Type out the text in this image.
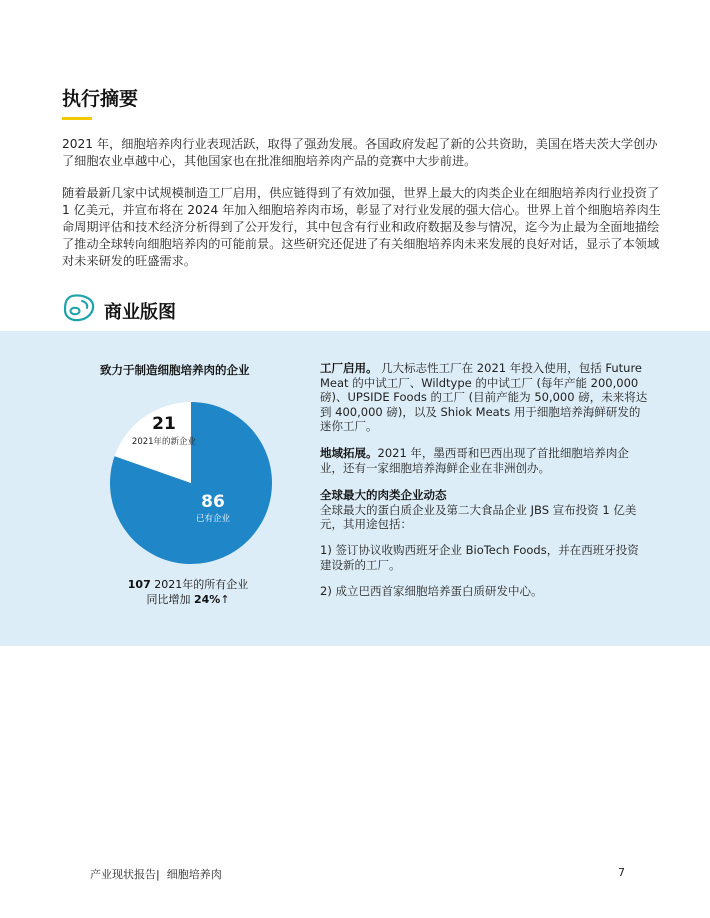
执行摘要

2021 年，细胞培养肉行业表现活跃，取得了强劲发展。各国政府发起了新的公共资助，美国在塔夫茨大学创办了细胞农业卓越中心，其他国家也在批准细胞培养肉产品的竞赛中大步前进。

随着最新几家中试规模制造工厂启用，供应链得到了有效加强，世界上最大的肉类企业在细胞培养肉行业投资了 1 亿美元，并宣布将在 2024 年加入细胞培养肉市场，彰显了对行业发展的强大信心。世界上首个细胞培养肉生命周期评估和技术经济分析得到了公开发行，其中包含有行业和政府数据及参与情况，迄今为止最为全面地描绘了推动全球转向细胞培养肉的可能前景。这些研究还促进了有关细胞培养肉未来发展的良好对话，显示了本领域对未来研发的旺盛需求。

商业版图
致力于制造细胞培养肉的企业
21
2021年的新企业
86
已有企业
107 2021年的所有企业
同比增加 24%↑

工厂启用。 几大标志性工厂在 2021 年投入使用，包括 Future Meat 的中试工厂、Wildtype 的中试工厂 (每年产能 200,000 磅)、UPSIDE Foods 的工厂 (目前产能为 50,000 磅，未来将达到 400,000 磅)，以及 Shiok Meats 用于细胞培养海鲜研发的迷你工厂。

地域拓展。2021 年，墨西哥和巴西出现了首批细胞培养肉企业，还有一家细胞培养海鲜企业在非洲创办。

全球最大的肉类企业动态
全球最大的蛋白质企业及第二大食品企业 JBS 宣布投资 1 亿美元，其用途包括：

1) 签订协议收购西班牙企业 BioTech Foods，并在西班牙投资建设新的工厂。

2) 成立巴西首家细胞培养蛋白质研发中心。

产业现状报告| 细胞培养肉	7
